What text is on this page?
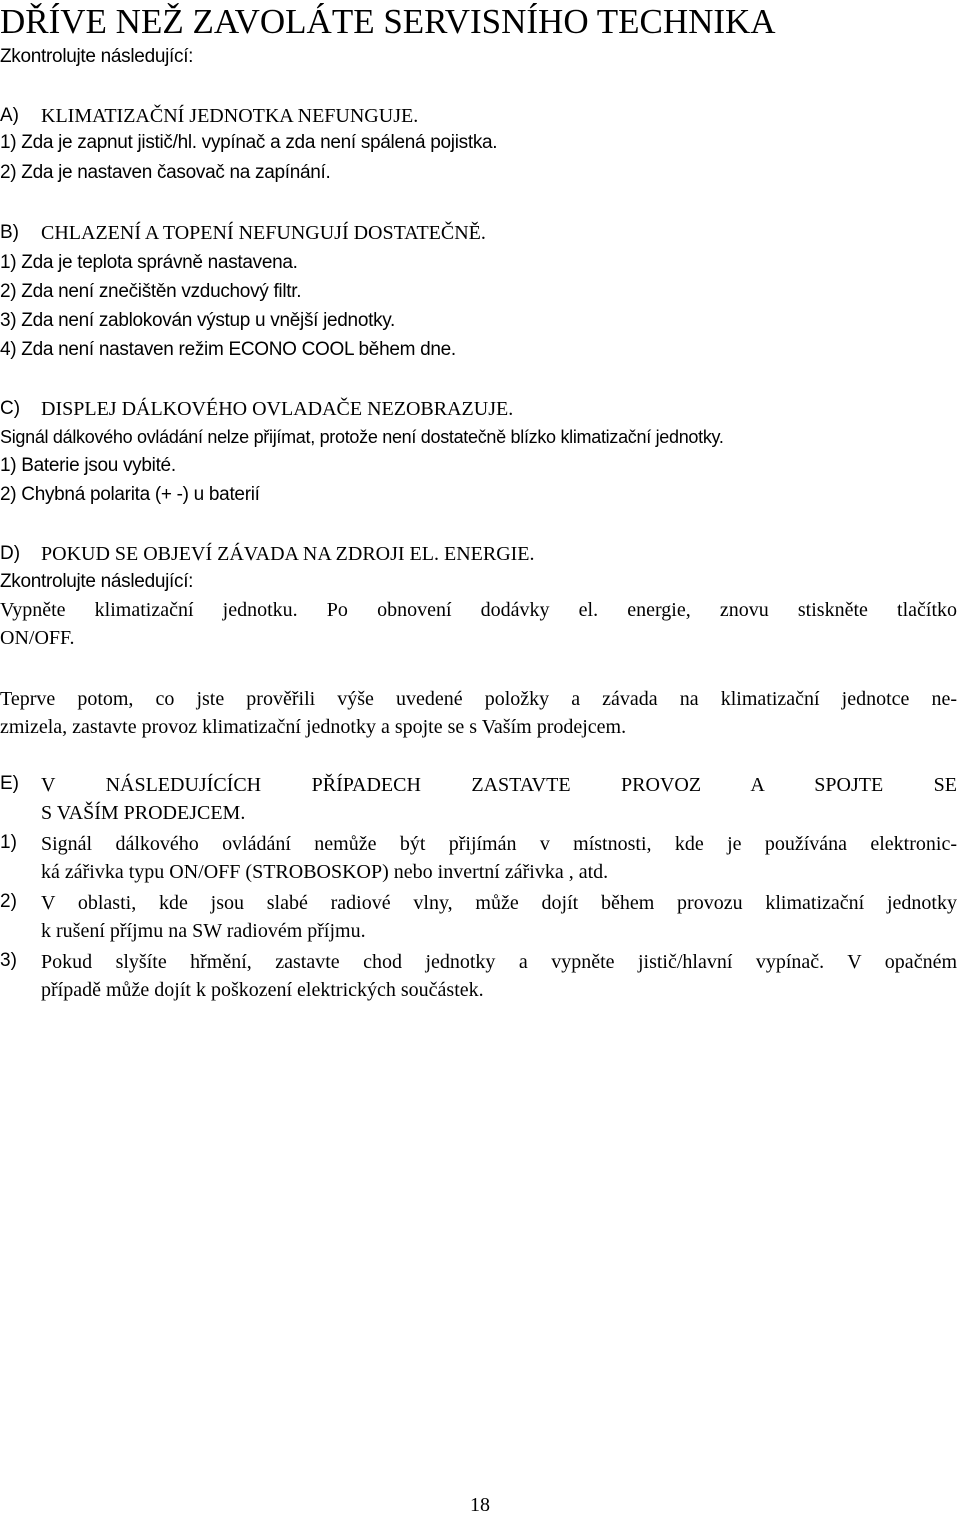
DŘÍVE NEŽ ZAVOLÁTE SERVISNÍHO TECHNIKA
Zkontrolujte následující:
A) KLIMATIZAČNÍ JEDNOTKA NEFUNGUJE.
1) Zda je zapnut jistič/hl. vypínač a zda není spálená pojistka.
2) Zda je nastaven časovač na zapínání.
B) CHLAZENÍ A TOPENÍ NEFUNGUJÍ DOSTATEČNĚ.
1) Zda je teplota správně nastavena.
2) Zda není znečištěn vzduchový filtr.
3) Zda není zablokován výstup u vnější jednotky.
4) Zda není nastaven režim ECONO COOL během dne.
C) DISPLEJ DÁLKOVÉHO OVLADAČE NEZOBRAZUJE.
Signál dálkového ovládání nelze přijímat, protože není dostatečně blízko klimatizační jednotky.
1) Baterie jsou vybité.
2) Chybná polarita (+ -) u baterií
D) POKUD SE OBJEVÍ ZÁVADA NA ZDROJI EL. ENERGIE.
Zkontrolujte následující:
Vypněte klimatizační jednotku. Po obnovení dodávky el. energie, znovu stiskněte tlačítko
ON/OFF.
Teprve potom, co jste prověřili výše uvedené položky a závada na klimatizační jednotce ne-
zmizela, zastavte provoz klimatizační jednotky a spojte se s Vaším prodejcem.
E) V NÁSLEDUJÍCÍCH PŘÍPADECH ZASTAVTE PROVOZ A SPOJTE SE
S VAŠÍM PRODEJCEM.
1) Signál dálkového ovládání nemůže být přijímán v místnosti, kde je používána elektronic-
ká zářivka typu ON/OFF (STROBOSKOP) nebo invertní zářivka , atd.
2) V oblasti, kde jsou slabé radiové vlny, může dojít během provozu klimatizační jednotky
k rušení příjmu na SW radiovém příjmu.
3) Pokud slyšíte hřmění, zastavte chod jednotky a vypněte jistič/hlavní vypínač. V opačném
případě může dojít k poškození elektrických součástek.
18
